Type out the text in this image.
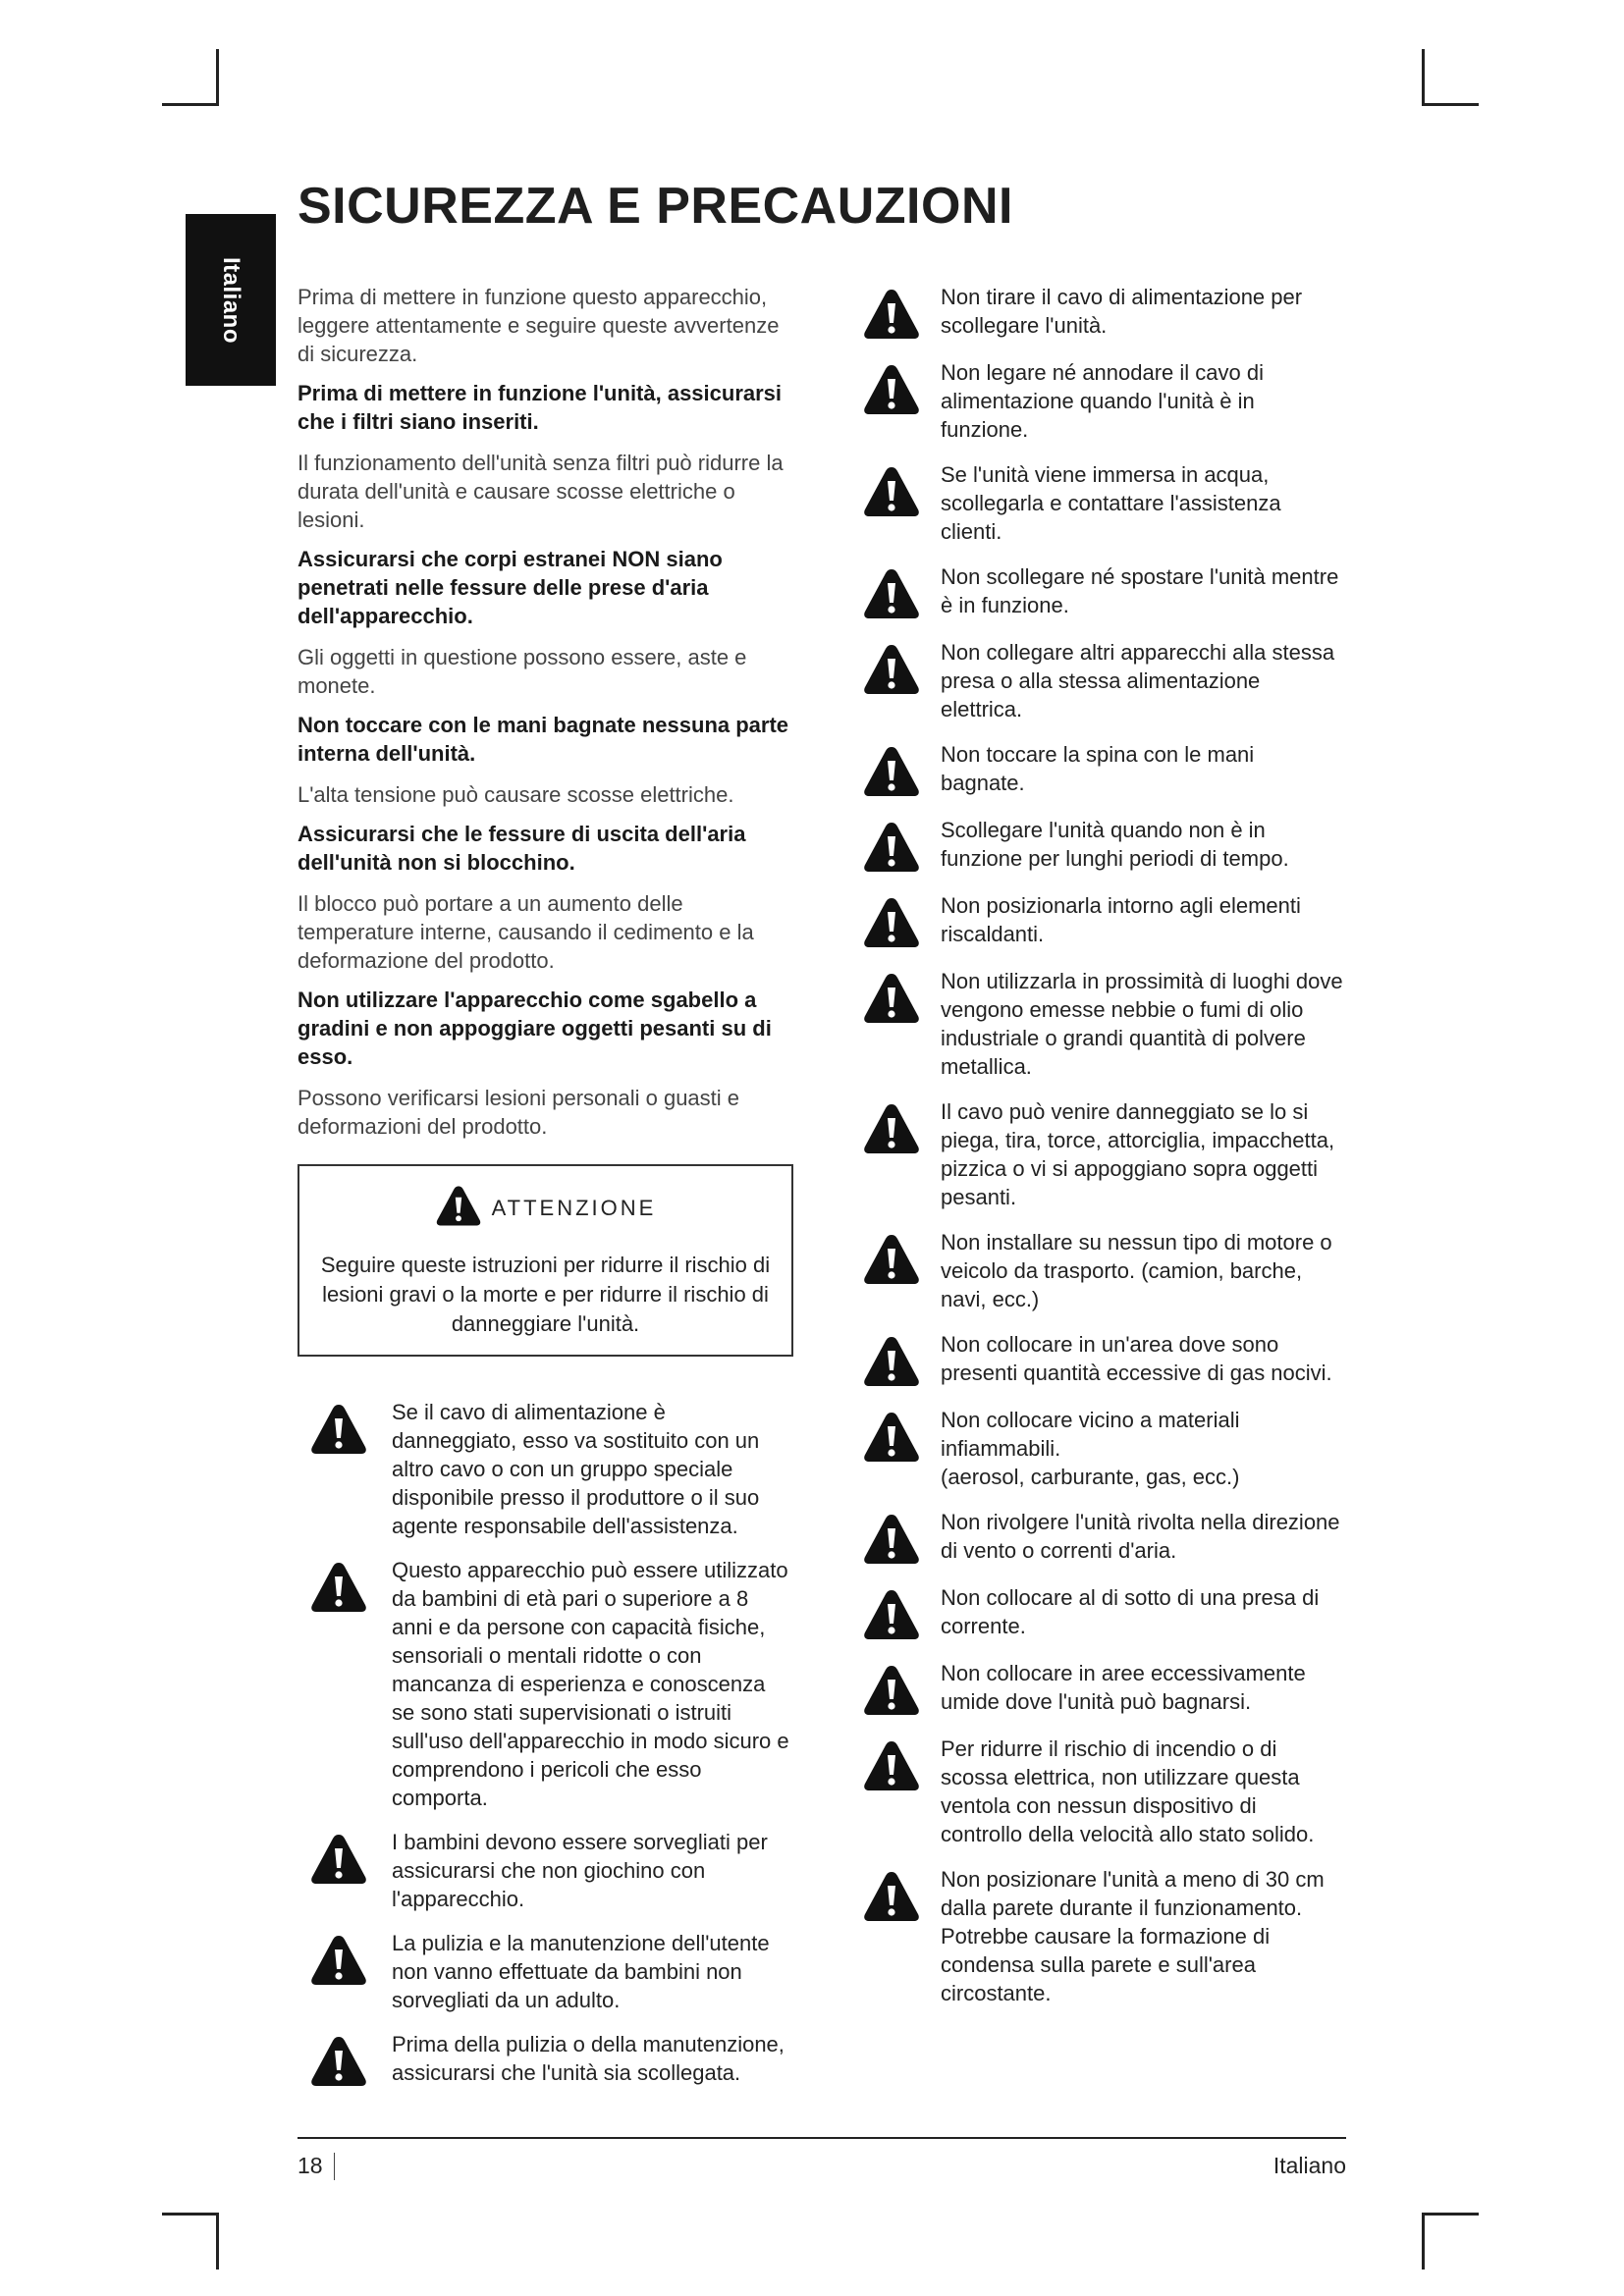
Italiano
SICUREZZA E PRECAUZIONI

Prima di mettere in funzione questo apparecchio, leggere attentamente e seguire queste avvertenze di sicurezza.

Prima di mettere in funzione l'unità, assicurarsi che i filtri siano inseriti.

Il funzionamento dell'unità senza filtri può ridurre la durata dell'unità e causare scosse elettriche o lesioni.

Assicurarsi che corpi estranei NON siano penetrati nelle fessure delle prese d'aria dell'apparecchio.

Gli oggetti in questione possono essere, aste e monete.

Non toccare con le mani bagnate nessuna parte interna dell'unità.

L'alta tensione può causare scosse elettriche.

Assicurarsi che le fessure di uscita dell'aria dell'unità non si blocchino.

Il blocco può portare a un aumento delle temperature interne, causando il cedimento e la deformazione del prodotto.

Non utilizzare l'apparecchio come sgabello a gradini e non appoggiare oggetti pesanti su di esso.

Possono verificarsi lesioni personali o guasti e deformazioni del prodotto.

ATTENZIONE
Seguire queste istruzioni per ridurre il rischio di lesioni gravi o la morte e per ridurre il rischio di danneggiare l'unità.
Se il cavo di alimentazione è danneggiato, esso va sostituito con un altro cavo o con un gruppo speciale disponibile presso il produttore o il suo agente responsabile dell'assistenza.
Questo apparecchio può essere utilizzato da bambini di età pari o superiore a 8 anni e da persone con capacità fisiche, sensoriali o mentali ridotte o con mancanza di esperienza e conoscenza se sono stati supervisionati o istruiti sull'uso dell'apparecchio in modo sicuro e comprendono i pericoli che esso comporta.
I bambini devono essere sorvegliati per assicurarsi che non giochino con l'apparecchio.
La pulizia e la manutenzione dell'utente non vanno effettuate da bambini non sorvegliati da un adulto.
Prima della pulizia o della manutenzione, assicurarsi che l'unità sia scollegata.
Non tirare il cavo di alimentazione per scollegare l'unità.
Non legare né annodare il cavo di alimentazione quando l'unità è in funzione.
Se l'unità viene immersa in acqua, scollegarla e contattare l'assistenza clienti.
Non scollegare né spostare l'unità mentre è in funzione.
Non collegare altri apparecchi alla stessa presa o alla stessa alimentazione elettrica.
Non toccare la spina con le mani bagnate.
Scollegare l'unità quando non è in funzione per lunghi periodi di tempo.
Non posizionarla intorno agli elementi riscaldanti.
Non utilizzarla in prossimità di luoghi dove vengono emesse nebbie o fumi di olio industriale o grandi quantità di polvere metallica.
Il cavo può venire danneggiato se lo si piega, tira, torce, attorciglia, impacchetta, pizzica o vi si appoggiano sopra oggetti pesanti.
Non installare su nessun tipo di motore o veicolo da trasporto. (camion, barche, navi, ecc.)
Non collocare in un'area dove sono presenti quantità eccessive di gas nocivi.
Non collocare vicino a materiali infiammabili.
(aerosol, carburante, gas, ecc.)
Non rivolgere l'unità rivolta nella direzione di vento o correnti d'aria.
Non collocare al di sotto di una presa di corrente.
Non collocare in aree eccessivamente umide dove l'unità può bagnarsi.
Per ridurre il rischio di incendio o di scossa elettrica, non utilizzare questa ventola con nessun dispositivo di controllo della velocità allo stato solido.
Non posizionare l'unità a meno di 30 cm dalla parete durante il funzionamento. Potrebbe causare la formazione di condensa sulla parete e sull'area circostante.
18	Italiano
